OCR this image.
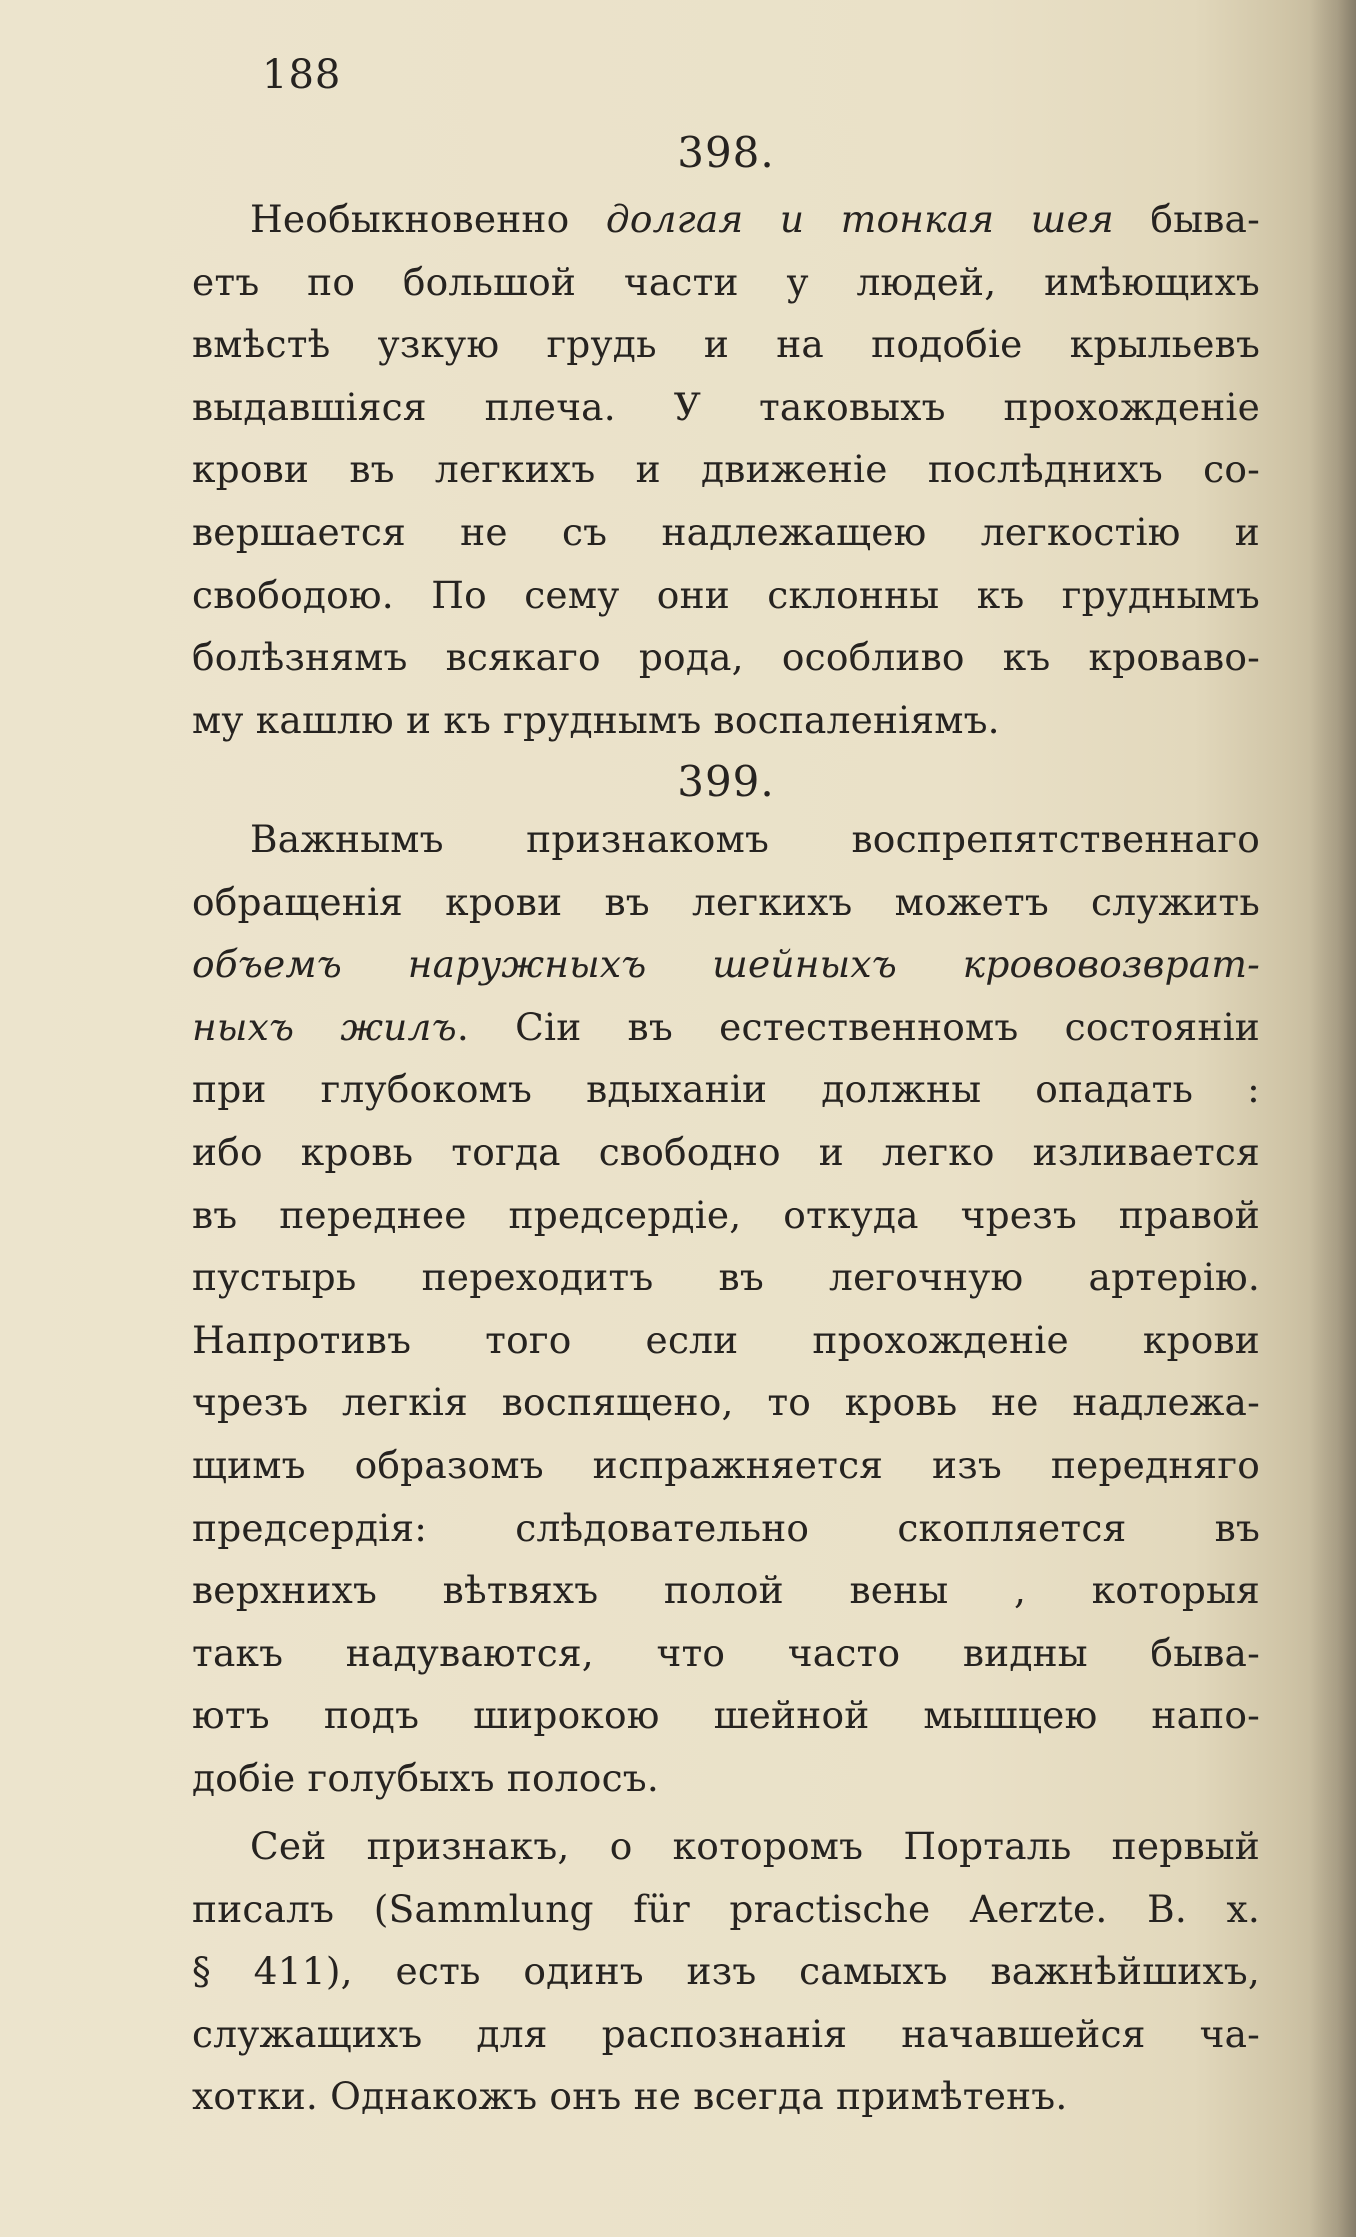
188
398.

Необыкновенно долгая и тонкая шея быва-
етъ по большой части у людей, имѣющихъ
вмѣстѣ узкую грудь и на подобіе крыльевъ
выдавшіяся плеча. У таковыхъ прохожденіе
крови въ легкихъ и движеніе послѣднихъ со-
вершается не съ надлежащею легкостію и
свободою. По сему они склонны къ груднымъ
болѣзнямъ всякаго рода, особливо къ кроваво-
му кашлю и къ груднымъ воспаленіямъ.

399.

Важнымъ признакомъ воспрепятственнаго
обращенія крови въ легкихъ можетъ служить
объемъ наружныхъ шейныхъ крововозврат-
ныхъ жилъ. Сіи въ естественномъ состояніи
при глубокомъ вдыханіи должны опадать :
ибо кровь тогда свободно и легко изливается
въ переднее предсердіе, откуда чрезъ правой
пустырь переходитъ въ легочную артерію.
Напротивъ того если прохожденіе крови
чрезъ легкія воспящено, то кровь не надлежа-
щимъ образомъ испражняется изъ передняго
предсердія: слѣдовательно скопляется въ
верхнихъ вѣтвяхъ полой вены , которыя
такъ надуваются, что часто видны быва-
ютъ подъ широкою шейной мышцею напо-
добіе голубыхъ полосъ.

Сей признакъ, о которомъ Порталь первый
писалъ (Sammlung für practische Aerzte. B. x.
§ 411), есть одинъ изъ самыхъ важнѣйшихъ,
служащихъ для распознанія начавшейся ча-
хотки. Однакожъ онъ не всегда примѣтенъ.
